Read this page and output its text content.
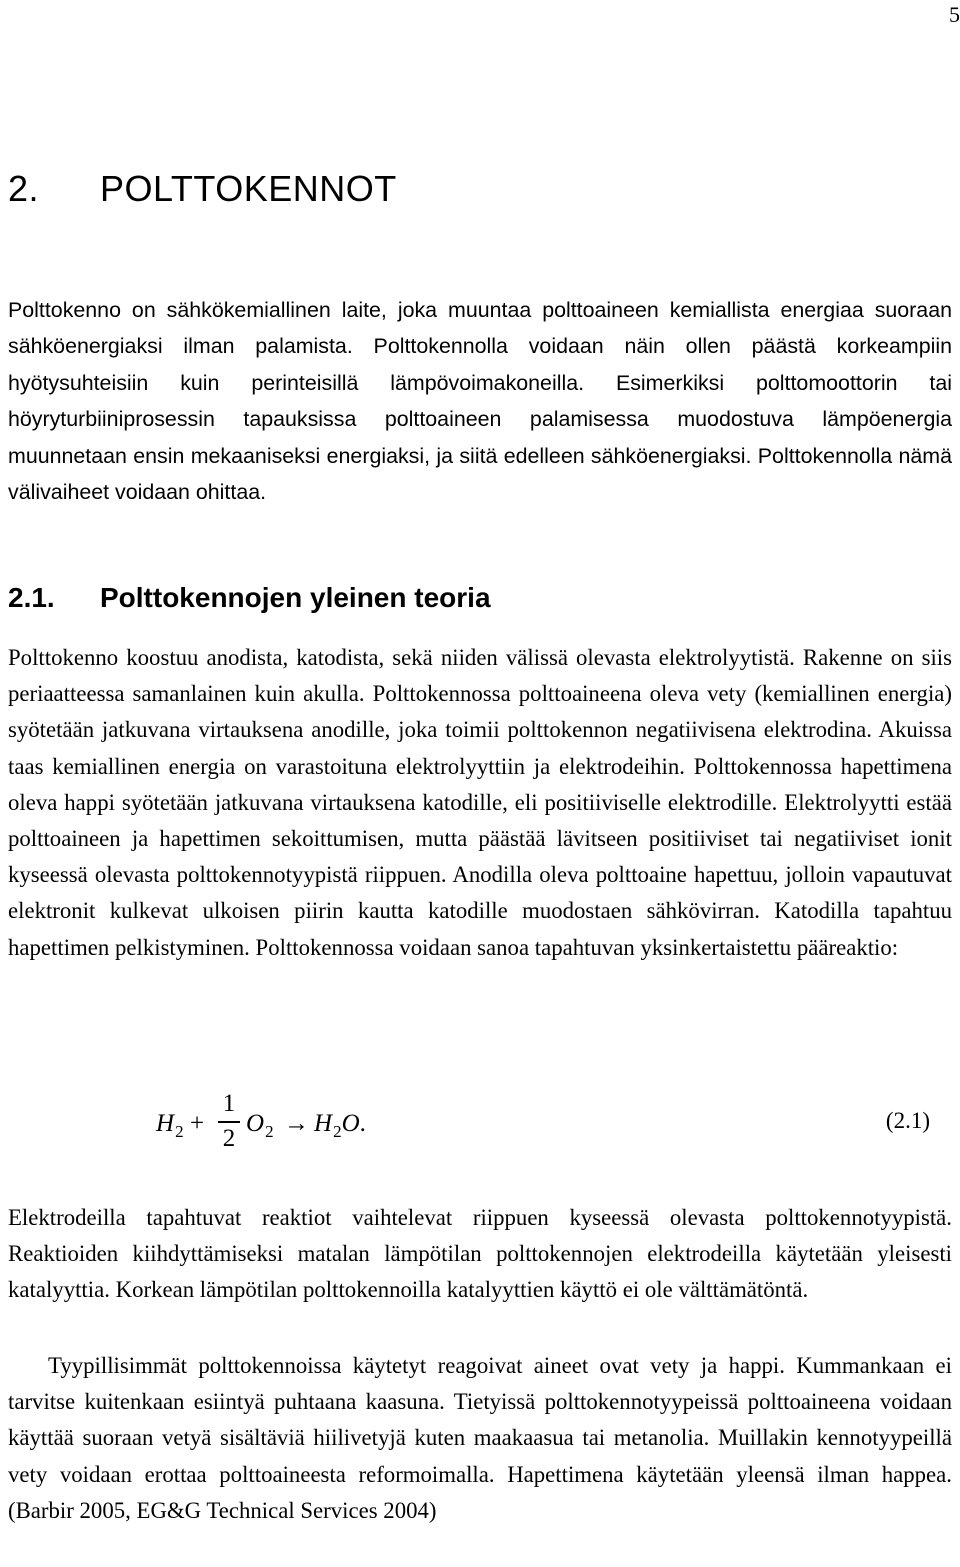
5
2. POLTTOKENNOT

Polttokenno on sähkökemiallinen laite, joka muuntaa polttoaineen kemiallista energiaa suoraan sähköenergiaksi ilman palamista. Polttokennolla voidaan näin ollen päästä korkeampiin hyötysuhteisiin kuin perinteisillä lämpövoimakoneilla. Esimerkiksi polttomoottorin tai höyryturbiiniprosessin tapauksissa polttoaineen palamisessa muodostuva lämpöenergia muunnetaan ensin mekaaniseksi energiaksi, ja siitä edelleen sähköenergiaksi. Polttokennolla nämä välivaiheet voidaan ohittaa.

2.1. Polttokennojen yleinen teoria

Polttokenno koostuu anodista, katodista, sekä niiden välissä olevasta elektrolyytistä. Rakenne on siis periaatteessa samanlainen kuin akulla. Polttokennossa polttoaineena oleva vety (kemiallinen energia) syötetään jatkuvana virtauksena anodille, joka toimii polttokennon negatiivisena elektrodina. Akuissa taas kemiallinen energia on varastoituna elektrolyyttiin ja elektrodeihin. Polttokennossa hapettimena oleva happi syötetään jatkuvana virtauksena katodille, eli positiiviselle elektrodille. Elektrolyytti estää polttoaineen ja hapettimen sekoittumisen, mutta päästää lävitseen positiiviset tai negatiiviset ionit kyseessä olevasta polttokennotyypistä riippuen. Anodilla oleva polttoaine hapettuu, jolloin vapautuvat elektronit kulkevat ulkoisen piirin kautta katodille muodostaen sähkövirran. Katodilla tapahtuu hapettimen pelkistyminen. Polttokennossa voidaan sanoa tapahtuvan yksinkertaistettu pääreaktio:

$H_2$ +
1
2
$O_2 \to H_2O$.	(2.1)

Elektrodeilla tapahtuvat reaktiot vaihtelevat riippuen kyseessä olevasta polttokennotyypistä. Reaktioiden kiihdyttämiseksi matalan lämpötilan polttokennojen elektrodeilla käytetään yleisesti katalyyttia. Korkean lämpötilan polttokennoilla katalyyttien käyttö ei ole välttämätöntä.

Tyypillisimmät polttokennoissa käytetyt reagoivat aineet ovat vety ja happi. Kummankaan ei tarvitse kuitenkaan esiintyä puhtaana kaasuna. Tietyissä polttokennotyypeissä polttoaineena voidaan käyttää suoraan vetyä sisältäviä hiilivetyjä kuten maakaasua tai metanolia. Muillakin kennotyypeillä vety voidaan erottaa polttoaineesta reformoimalla. Hapettimena käytetään yleensä ilman happea. (Barbir 2005, EG&G Technical Services 2004)
